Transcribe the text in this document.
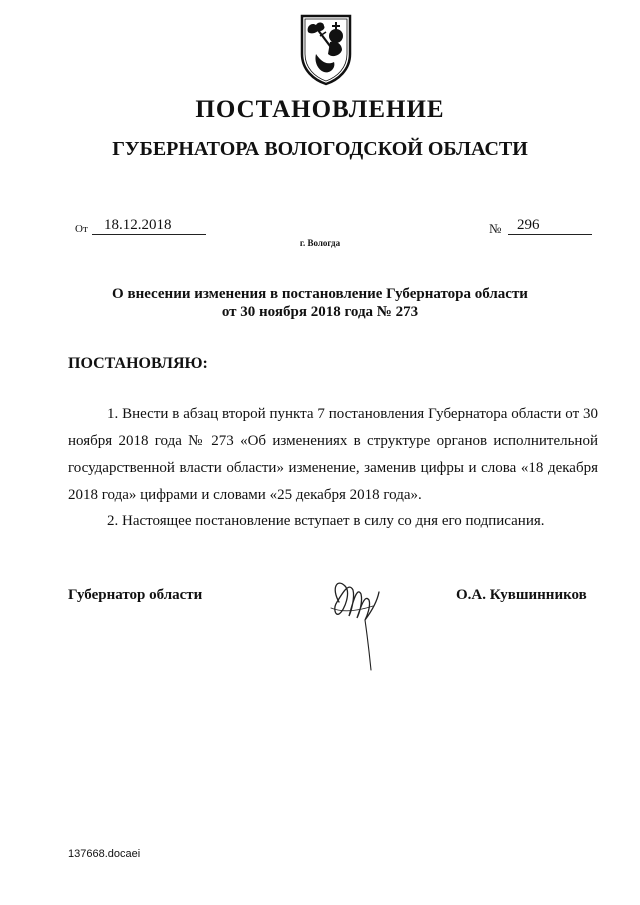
ПОСТАНОВЛЕНИЕ
ГУБЕРНАТОРА ВОЛОГОДСКОЙ ОБЛАСТИ
От	18.12.2018	№	296
г. Вологда
О внесении изменения в постановление Губернатора области
от 30 ноября 2018 года № 273
ПОСТАНОВЛЯЮ:

1. Внести в абзац второй пункта 7 постановления Губернатора области от 30 ноября 2018 года № 273 «Об изменениях в структуре органов исполнительной государственной власти области» изменение, заменив цифры и слова «18 декабря 2018 года» цифрами и словами «25 декабря 2018 года».

2. Настоящее постановление вступает в силу со дня его подписания.

Губернатор области	О.А. Кувшинников
137668.docaei
